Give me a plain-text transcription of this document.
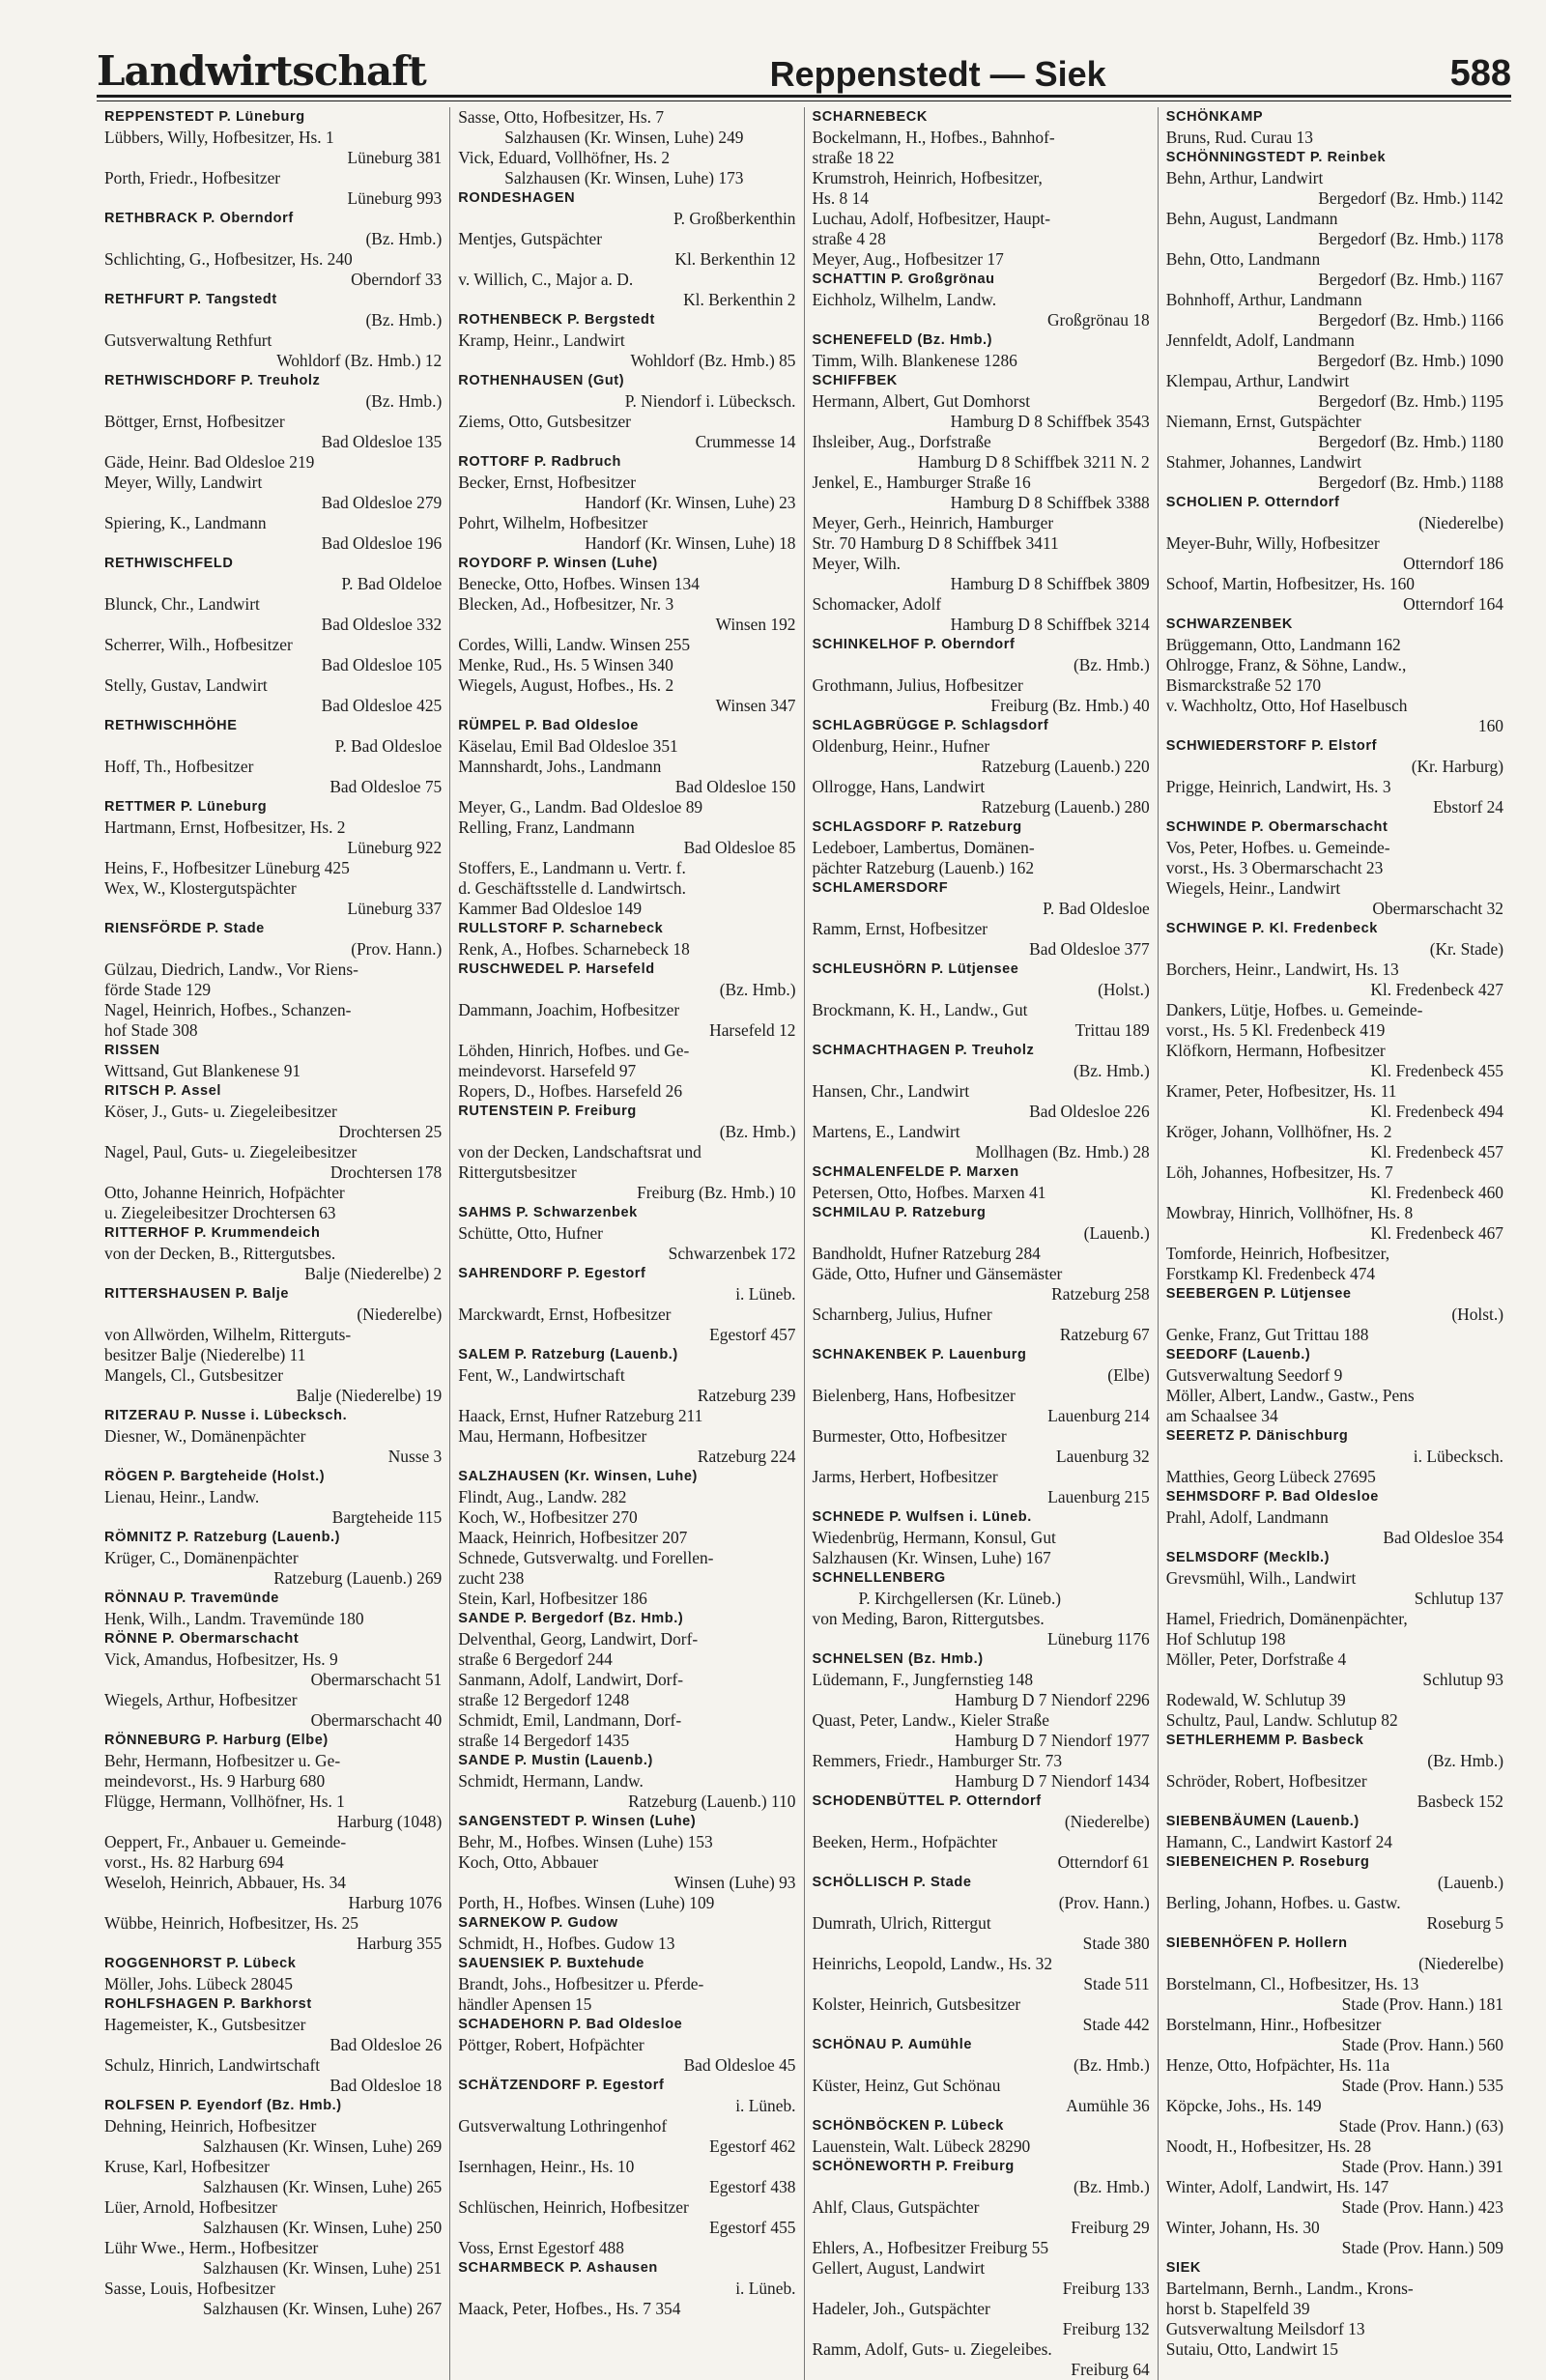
Landwirtschaft	Reppenstedt — Siek	588
REPPENSTEDT P. Lüneburg
Lübbers, Willy, Hofbesitzer, Hs. 1
Lüneburg 381
Porth, Friedr., Hofbesitzer
Lüneburg 993
RETHBRACK P. Oberndorf
(Bz. Hmb.)
Schlichting, G., Hofbesitzer, Hs. 240
Oberndorf 33
RETHFURT P. Tangstedt
(Bz. Hmb.)
Gutsverwaltung Rethfurt
Wohldorf (Bz. Hmb.) 12
RETHWISCHDORF P. Treuholz
(Bz. Hmb.)
Böttger, Ernst, Hofbesitzer
Bad Oldesloe 135
Gäde, Heinr. Bad Oldesloe 219
Meyer, Willy, Landwirt
Bad Oldesloe 279
Spiering, K., Landmann
Bad Oldesloe 196
RETHWISCHFELD
P. Bad Oldeloe
Blunck, Chr., Landwirt
Bad Oldesloe 332
Scherrer, Wilh., Hofbesitzer
Bad Oldesloe 105
Stelly, Gustav, Landwirt
Bad Oldesloe 425
RETHWISCHHÖHE
P. Bad Oldesloe
Hoff, Th., Hofbesitzer
Bad Oldesloe 75
RETTMER P. Lüneburg
Hartmann, Ernst, Hofbesitzer, Hs. 2
Lüneburg 922
Heins, F., Hofbesitzer Lüneburg 425
Wex, W., Klostergutspächter
Lüneburg 337
RIENSFÖRDE P. Stade
(Prov. Hann.)
Gülzau, Diedrich, Landw., Vor Riens-
förde Stade 129
Nagel, Heinrich, Hofbes., Schanzen-
hof Stade 308
RISSEN
Wittsand, Gut Blankenese 91
RITSCH P. Assel
Köser, J., Guts- u. Ziegeleibesitzer
Drochtersen 25
Nagel, Paul, Guts- u. Ziegeleibesitzer
Drochtersen 178
Otto, Johanne Heinrich, Hofpächter
u. Ziegeleibesitzer Drochtersen 63
RITTERHOF P. Krummendeich
von der Decken, B., Rittergutsbes.
Balje (Niederelbe) 2
RITTERSHAUSEN P. Balje
(Niederelbe)
von Allwörden, Wilhelm, Ritterguts-
besitzer Balje (Niederelbe) 11
Mangels, Cl., Gutsbesitzer
Balje (Niederelbe) 19
RITZERAU P. Nusse i. Lübecksch.
Diesner, W., Domänenpächter
Nusse 3
RÖGEN P. Bargteheide (Holst.)
Lienau, Heinr., Landw.
Bargteheide 115
RÖMNITZ P. Ratzeburg (Lauenb.)
Krüger, C., Domänenpächter
Ratzeburg (Lauenb.) 269
RÖNNAU P. Travemünde
Henk, Wilh., Landm. Travemünde 180
RÖNNE P. Obermarschacht
Vick, Amandus, Hofbesitzer, Hs. 9
Obermarschacht 51
Wiegels, Arthur, Hofbesitzer
Obermarschacht 40
RÖNNEBURG P. Harburg (Elbe)
Behr, Hermann, Hofbesitzer u. Ge-
meindevorst., Hs. 9 Harburg 680
Flügge, Hermann, Vollhöfner, Hs. 1
Harburg (1048)
Oeppert, Fr., Anbauer u. Gemeinde-
vorst., Hs. 82 Harburg 694
Weseloh, Heinrich, Abbauer, Hs. 34
Harburg 1076
Wübbe, Heinrich, Hofbesitzer, Hs. 25
Harburg 355
ROGGENHORST P. Lübeck
Möller, Johs. Lübeck 28045
ROHLFSHAGEN P. Barkhorst
Hagemeister, K., Gutsbesitzer
Bad Oldesloe 26
Schulz, Hinrich, Landwirtschaft
Bad Oldesloe 18
ROLFSEN P. Eyendorf (Bz. Hmb.)
Dehning, Heinrich, Hofbesitzer
Salzhausen (Kr. Winsen, Luhe) 269
Kruse, Karl, Hofbesitzer
Salzhausen (Kr. Winsen, Luhe) 265
Lüer, Arnold, Hofbesitzer
Salzhausen (Kr. Winsen, Luhe) 250
Lühr Wwe., Herm., Hofbesitzer
Salzhausen (Kr. Winsen, Luhe) 251
Sasse, Louis, Hofbesitzer
Salzhausen (Kr. Winsen, Luhe) 267
Sasse, Otto, Hofbesitzer, Hs. 7
Salzhausen (Kr. Winsen, Luhe) 249
Vick, Eduard, Vollhöfner, Hs. 2
Salzhausen (Kr. Winsen, Luhe) 173
RONDESHAGEN
P. Großberkenthin
Mentjes, Gutspächter
Kl. Berkenthin 12
v. Willich, C., Major a. D.
Kl. Berkenthin 2
ROTHENBECK P. Bergstedt
Kramp, Heinr., Landwirt
Wohldorf (Bz. Hmb.) 85
ROTHENHAUSEN (Gut)
P. Niendorf i. Lübecksch.
Ziems, Otto, Gutsbesitzer
Crummesse 14
ROTTORF P. Radbruch
Becker, Ernst, Hofbesitzer
Handorf (Kr. Winsen, Luhe) 23
Pohrt, Wilhelm, Hofbesitzer
Handorf (Kr. Winsen, Luhe) 18
ROYDORF P. Winsen (Luhe)
Benecke, Otto, Hofbes. Winsen 134
Blecken, Ad., Hofbesitzer, Nr. 3
Winsen 192
Cordes, Willi, Landw. Winsen 255
Menke, Rud., Hs. 5 Winsen 340
Wiegels, August, Hofbes., Hs. 2
Winsen 347
RÜMPEL P. Bad Oldesloe
Käselau, Emil Bad Oldesloe 351
Mannshardt, Johs., Landmann
Bad Oldesloe 150
Meyer, G., Landm. Bad Oldesloe 89
Relling, Franz, Landmann
Bad Oldesloe 85
Stoffers, E., Landmann u. Vertr. f.
d. Geschäftsstelle d. Landwirtsch.
Kammer Bad Oldesloe 149
RULLSTORF P. Scharnebeck
Renk, A., Hofbes. Scharnebeck 18
RUSCHWEDEL P. Harsefeld
(Bz. Hmb.)
Dammann, Joachim, Hofbesitzer
Harsefeld 12
Löhden, Hinrich, Hofbes. und Ge-
meindevorst. Harsefeld 97
Ropers, D., Hofbes. Harsefeld 26
RUTENSTEIN P. Freiburg
(Bz. Hmb.)
von der Decken, Landschaftsrat und
Rittergutsbesitzer
Freiburg (Bz. Hmb.) 10
SAHMS P. Schwarzenbek
Schütte, Otto, Hufner
Schwarzenbek 172
SAHRENDORF P. Egestorf
i. Lüneb.
Marckwardt, Ernst, Hofbesitzer
Egestorf 457
SALEM P. Ratzeburg (Lauenb.)
Fent, W., Landwirtschaft
Ratzeburg 239
Haack, Ernst, Hufner Ratzeburg 211
Mau, Hermann, Hofbesitzer
Ratzeburg 224
SALZHAUSEN (Kr. Winsen, Luhe)
Flindt, Aug., Landw. 282
Koch, W., Hofbesitzer 270
Maack, Heinrich, Hofbesitzer 207
Schnede, Gutsverwaltg. und Forellen-
zucht 238
Stein, Karl, Hofbesitzer 186
SANDE P. Bergedorf (Bz. Hmb.)
Delventhal, Georg, Landwirt, Dorf-
straße 6 Bergedorf 244
Sanmann, Adolf, Landwirt, Dorf-
straße 12 Bergedorf 1248
Schmidt, Emil, Landmann, Dorf-
straße 14 Bergedorf 1435
SANDE P. Mustin (Lauenb.)
Schmidt, Hermann, Landw.
Ratzeburg (Lauenb.) 110
SANGENSTEDT P. Winsen (Luhe)
Behr, M., Hofbes. Winsen (Luhe) 153
Koch, Otto, Abbauer
Winsen (Luhe) 93
Porth, H., Hofbes. Winsen (Luhe) 109
SARNEKOW P. Gudow
Schmidt, H., Hofbes. Gudow 13
SAUENSIEK P. Buxtehude
Brandt, Johs., Hofbesitzer u. Pferde-
händler Apensen 15
SCHADEHORN P. Bad Oldesloe
Pöttger, Robert, Hofpächter
Bad Oldesloe 45
SCHÄTZENDORF P. Egestorf
i. Lüneb.
Gutsverwaltung Lothringenhof
Egestorf 462
Isernhagen, Heinr., Hs. 10
Egestorf 438
Schlüschen, Heinrich, Hofbesitzer
Egestorf 455
Voss, Ernst Egestorf 488
SCHARMBECK P. Ashausen
i. Lüneb.
Maack, Peter, Hofbes., Hs. 7 354
SCHARNEBECK
Bockelmann, H., Hofbes., Bahnhof-
straße 18 22
Krumstroh, Heinrich, Hofbesitzer,
Hs. 8 14
Luchau, Adolf, Hofbesitzer, Haupt-
straße 4 28
Meyer, Aug., Hofbesitzer 17
SCHATTIN P. Großgrönau
Eichholz, Wilhelm, Landw.
Großgrönau 18
SCHENEFELD (Bz. Hmb.)
Timm, Wilh. Blankenese 1286
SCHIFFBEK
Hermann, Albert, Gut Domhorst
Hamburg D 8 Schiffbek 3543
Ihsleiber, Aug., Dorfstraße
Hamburg D 8 Schiffbek 3211 N. 2
Jenkel, E., Hamburger Straße 16
Hamburg D 8 Schiffbek 3388
Meyer, Gerh., Heinrich, Hamburger
Str. 70 Hamburg D 8 Schiffbek 3411
Meyer, Wilh.
Hamburg D 8 Schiffbek 3809
Schomacker, Adolf
Hamburg D 8 Schiffbek 3214
SCHINKELHOF P. Oberndorf
(Bz. Hmb.)
Grothmann, Julius, Hofbesitzer
Freiburg (Bz. Hmb.) 40
SCHLAGBRÜGGE P. Schlagsdorf
Oldenburg, Heinr., Hufner
Ratzeburg (Lauenb.) 220
Ollrogge, Hans, Landwirt
Ratzeburg (Lauenb.) 280
SCHLAGSDORF P. Ratzeburg
Ledeboer, Lambertus, Domänen-
pächter Ratzeburg (Lauenb.) 162
SCHLAMERSDORF
P. Bad Oldesloe
Ramm, Ernst, Hofbesitzer
Bad Oldesloe 377
SCHLEUSHÖRN P. Lütjensee
(Holst.)
Brockmann, K. H., Landw., Gut
Trittau 189
SCHMACHTHAGEN P. Treuholz
(Bz. Hmb.)
Hansen, Chr., Landwirt
Bad Oldesloe 226
Martens, E., Landwirt
Mollhagen (Bz. Hmb.) 28
SCHMALENFELDE P. Marxen
Petersen, Otto, Hofbes. Marxen 41
SCHMILAU P. Ratzeburg
(Lauenb.)
Bandholdt, Hufner Ratzeburg 284
Gäde, Otto, Hufner und Gänsemäster
Ratzeburg 258
Scharnberg, Julius, Hufner
Ratzeburg 67
SCHNAKENBEK P. Lauenburg
(Elbe)
Bielenberg, Hans, Hofbesitzer
Lauenburg 214
Burmester, Otto, Hofbesitzer
Lauenburg 32
Jarms, Herbert, Hofbesitzer
Lauenburg 215
SCHNEDE P. Wulfsen i. Lüneb.
Wiedenbrüg, Hermann, Konsul, Gut
Salzhausen (Kr. Winsen, Luhe) 167
SCHNELLENBERG
P. Kirchgellersen (Kr. Lüneb.)
von Meding, Baron, Rittergutsbes.
Lüneburg 1176
SCHNELSEN (Bz. Hmb.)
Lüdemann, F., Jungfernstieg 148
Hamburg D 7 Niendorf 2296
Quast, Peter, Landw., Kieler Straße
Hamburg D 7 Niendorf 1977
Remmers, Friedr., Hamburger Str. 73
Hamburg D 7 Niendorf 1434
SCHODENBÜTTEL P. Otterndorf
(Niederelbe)
Beeken, Herm., Hofpächter
Otterndorf 61
SCHÖLLISCH P. Stade
(Prov. Hann.)
Dumrath, Ulrich, Rittergut
Stade 380
Heinrichs, Leopold, Landw., Hs. 32
Stade 511
Kolster, Heinrich, Gutsbesitzer
Stade 442
SCHÖNAU P. Aumühle
(Bz. Hmb.)
Küster, Heinz, Gut Schönau
Aumühle 36
SCHÖNBÖCKEN P. Lübeck
Lauenstein, Walt. Lübeck 28290
SCHÖNEWORTH P. Freiburg
(Bz. Hmb.)
Ahlf, Claus, Gutspächter
Freiburg 29
Ehlers, A., Hofbesitzer Freiburg 55
Gellert, August, Landwirt
Freiburg 133
Hadeler, Joh., Gutspächter
Freiburg 132
Ramm, Adolf, Guts- u. Ziegeleibes.
Freiburg 64
SCHÖNKAMP
Bruns, Rud. Curau 13
SCHÖNNINGSTEDT P. Reinbek
Behn, Arthur, Landwirt
Bergedorf (Bz. Hmb.) 1142
Behn, August, Landmann
Bergedorf (Bz. Hmb.) 1178
Behn, Otto, Landmann
Bergedorf (Bz. Hmb.) 1167
Bohnhoff, Arthur, Landmann
Bergedorf (Bz. Hmb.) 1166
Jennfeldt, Adolf, Landmann
Bergedorf (Bz. Hmb.) 1090
Klempau, Arthur, Landwirt
Bergedorf (Bz. Hmb.) 1195
Niemann, Ernst, Gutspächter
Bergedorf (Bz. Hmb.) 1180
Stahmer, Johannes, Landwirt
Bergedorf (Bz. Hmb.) 1188
SCHOLIEN P. Otterndorf
(Niederelbe)
Meyer-Buhr, Willy, Hofbesitzer
Otterndorf 186
Schoof, Martin, Hofbesitzer, Hs. 160
Otterndorf 164
SCHWARZENBEK
Brüggemann, Otto, Landmann 162
Ohlrogge, Franz, & Söhne, Landw.,
Bismarckstraße 52 170
v. Wachholtz, Otto, Hof Haselbusch
160
SCHWIEDERSTORF P. Elstorf
(Kr. Harburg)
Prigge, Heinrich, Landwirt, Hs. 3
Ebstorf 24
SCHWINDE P. Obermarschacht
Vos, Peter, Hofbes. u. Gemeinde-
vorst., Hs. 3 Obermarschacht 23
Wiegels, Heinr., Landwirt
Obermarschacht 32
SCHWINGE P. Kl. Fredenbeck
(Kr. Stade)
Borchers, Heinr., Landwirt, Hs. 13
Kl. Fredenbeck 427
Dankers, Lütje, Hofbes. u. Gemeinde-
vorst., Hs. 5 Kl. Fredenbeck 419
Klöfkorn, Hermann, Hofbesitzer
Kl. Fredenbeck 455
Kramer, Peter, Hofbesitzer, Hs. 11
Kl. Fredenbeck 494
Kröger, Johann, Vollhöfner, Hs. 2
Kl. Fredenbeck 457
Löh, Johannes, Hofbesitzer, Hs. 7
Kl. Fredenbeck 460
Mowbray, Hinrich, Vollhöfner, Hs. 8
Kl. Fredenbeck 467
Tomforde, Heinrich, Hofbesitzer,
Forstkamp Kl. Fredenbeck 474
SEEBERGEN P. Lütjensee
(Holst.)
Genke, Franz, Gut Trittau 188
SEEDORF (Lauenb.)
Gutsverwaltung Seedorf 9
Möller, Albert, Landw., Gastw., Pens
am Schaalsee 34
SEERETZ P. Dänischburg
i. Lübecksch.
Matthies, Georg Lübeck 27695
SEHMSDORF P. Bad Oldesloe
Prahl, Adolf, Landmann
Bad Oldesloe 354
SELMSDORF (Mecklb.)
Grevsmühl, Wilh., Landwirt
Schlutup 137
Hamel, Friedrich, Domänenpächter,
Hof Schlutup 198
Möller, Peter, Dorfstraße 4
Schlutup 93
Rodewald, W. Schlutup 39
Schultz, Paul, Landw. Schlutup 82
SETHLERHEMM P. Basbeck
(Bz. Hmb.)
Schröder, Robert, Hofbesitzer
Basbeck 152
SIEBENBÄUMEN (Lauenb.)
Hamann, C., Landwirt Kastorf 24
SIEBENEICHEN P. Roseburg
(Lauenb.)
Berling, Johann, Hofbes. u. Gastw.
Roseburg 5
SIEBENHÖFEN P. Hollern
(Niederelbe)
Borstelmann, Cl., Hofbesitzer, Hs. 13
Stade (Prov. Hann.) 181
Borstelmann, Hinr., Hofbesitzer
Stade (Prov. Hann.) 560
Henze, Otto, Hofpächter, Hs. 11a
Stade (Prov. Hann.) 535
Köpcke, Johs., Hs. 149
Stade (Prov. Hann.) (63)
Noodt, H., Hofbesitzer, Hs. 28
Stade (Prov. Hann.) 391
Winter, Adolf, Landwirt, Hs. 147
Stade (Prov. Hann.) 423
Winter, Johann, Hs. 30
Stade (Prov. Hann.) 509
SIEK
Bartelmann, Bernh., Landm., Krons-
horst b. Stapelfeld 39
Gutsverwaltung Meilsdorf 13
Sutaiu, Otto, Landwirt 15
